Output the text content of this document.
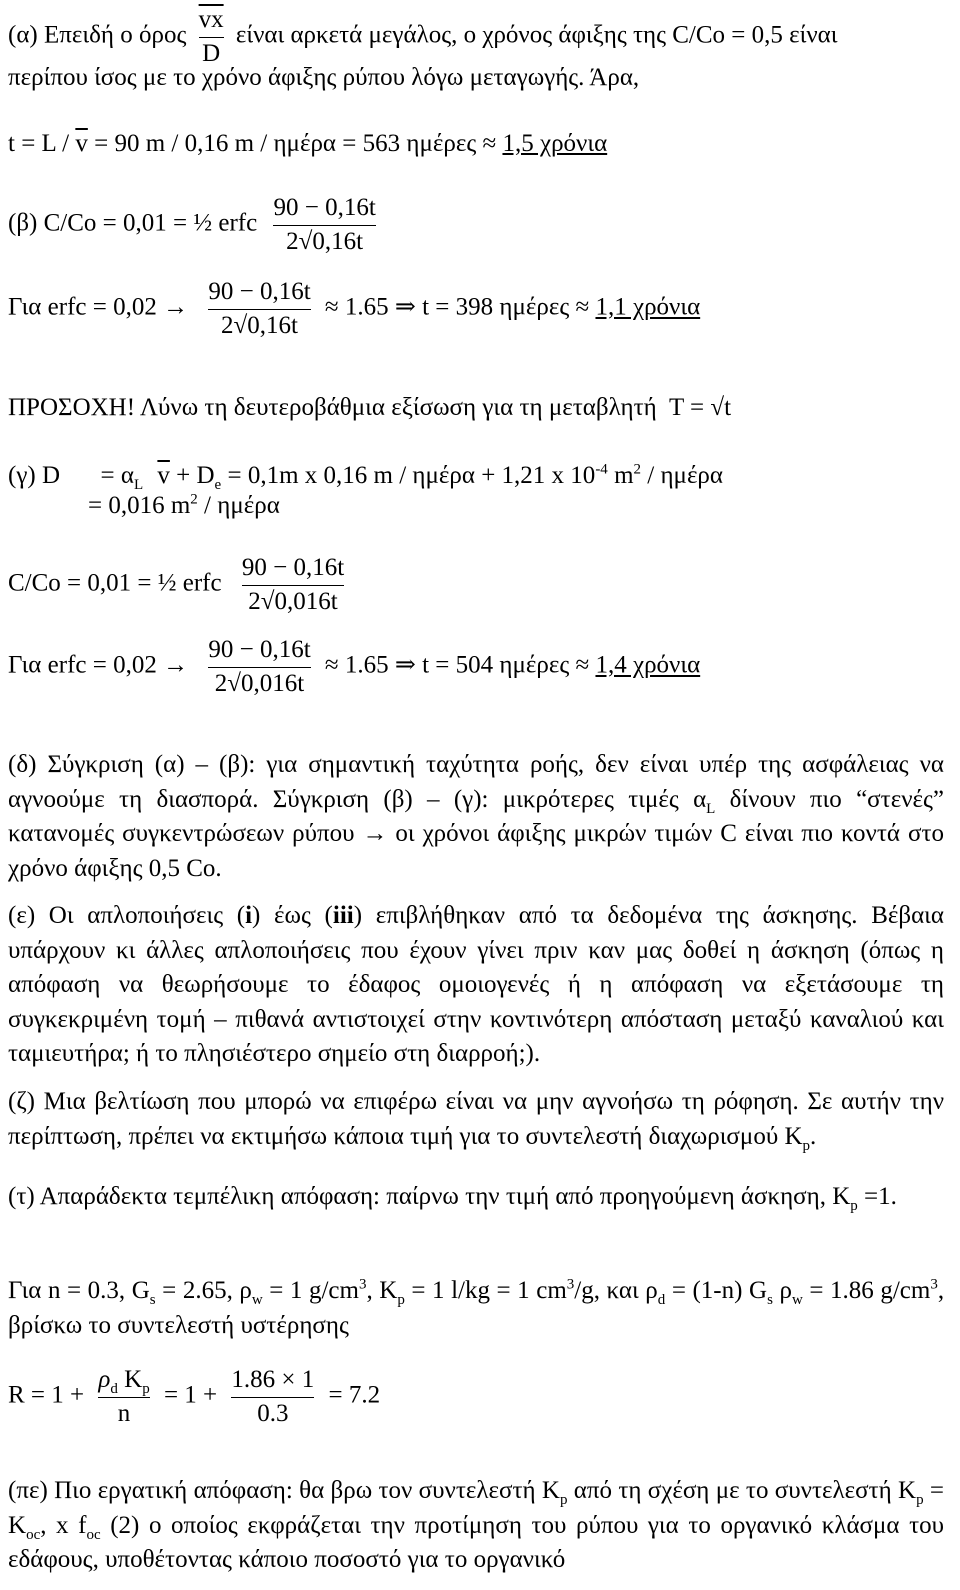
(α) Επειδή ο όρος $\frac{\overline{vx}}{D}$ είναι αρκετά μεγάλος, ο χρόνος άφιξης της C/Co = 0,5 είναι
περίπου ίσος με το χρόνο άφιξης ρύπου λόγω μεταγωγής. Άρα,
$t = L / \overline{v} = 90$ m / 0,16 m / ημέρα = 563 ημέρες ≈ 1,5 χρόνια
(β) C/Co = 0,01 = ½ erfc $\frac{90 - 0,16t}{2√0,16t}$
Για erfc = $0,02 \to \frac{90 - 0,16t}{2√0,16t} \approx 1.65$ ⇒ t = 398 ημέρες ≈ 1,1 χρόνια
ΠΡΟΣΟΧΗ! Λύνω τη δευτεροβάθμια εξίσωση για τη μεταβλητή T = √t
(γ) $D = \alpha_L$ $\overline{v} + D_e = 0,1m$ x 0,16 m / ημέρα + 1,21 x $10^{-4}$ $m^2$ / ημέρα
= 0,016 $m^2$ / ημέρα
C/Co = 0,01 = ½ erfc $\frac{90 - 0,16t}{2√0,016t}$
Για erfc = $0,02 \to \frac{90 - 0,16t}{2√0,016t} \approx 1.65$ ⇒ t = 504 ημέρες ≈ 1,4 χρόνια
(δ) Σύγκριση (α) – (β): για σημαντική ταχύτητα ροής, δεν είναι υπέρ της ασφάλειας να αγνοούμε τη διασπορά. Σύγκριση (β) – (γ): μικρότερες τιμές $\alpha_L$ δίνουν πιο “στενές” κατανομές συγκεντρώσεων ρύπου → οι χρόνοι άφιξης μικρών τιμών C είναι πιο κοντά στο χρόνο άφιξης 0,5 Co.
(ε) Οι απλοποιήσεις (i) έως (iii) επιβλήθηκαν από τα δεδομένα της άσκησης. Βέβαια υπάρχουν κι άλλες απλοποιήσεις που έχουν γίνει πριν καν μας δοθεί η άσκηση (όπως η απόφαση να θεωρήσουμε το έδαφος ομοιογενές ή η απόφαση να εξετάσουμε τη συγκεκριμένη τομή – πιθανά αντιστοιχεί στην κοντινότερη απόσταση μεταξύ καναλιού και ταμιευτήρα; ή το πλησιέστερο σημείο στη διαρροή;).
(ζ) Μια βελτίωση που μπορώ να επιφέρω είναι να μην αγνοήσω τη ρόφηση. Σε αυτήν την περίπτωση, πρέπει να εκτιμήσω κάποια τιμή για το συντελεστή διαχωρισμού $K_p$.
(τ) Απαράδεκτα τεμπέλικη απόφαση: παίρνω την τιμή από προηγούμενη άσκηση, $K_p =1$.
Για n = 0.3, $G_s = 2.65$, $\rho_w = 1$ $g/cm^3$, $K_p = 1$ l/kg = 1 $cm^3/g$, και $\rho_d = (1-n)$ $G_s$ $\rho_w = 1.86$ $g/cm^3$, βρίσκω το συντελεστή υστέρησης
$R = 1 + \frac{\rho_d K_p}{n} = 1 + \frac{1.86 \times 1}{0.3} = 7.2$
(πε) Πιο εργατική απόφαση: θα βρω τον συντελεστή $K_p$ από τη σχέση με το συντελεστή $K_p = K_{oc}$, x $f_{oc}$ (2) ο οποίος εκφράζεται την προτίμηση του ρύπου για το οργανικό κλάσμα του εδάφους, υποθέτοντας κάποιο ποσοστό για το οργανικό
